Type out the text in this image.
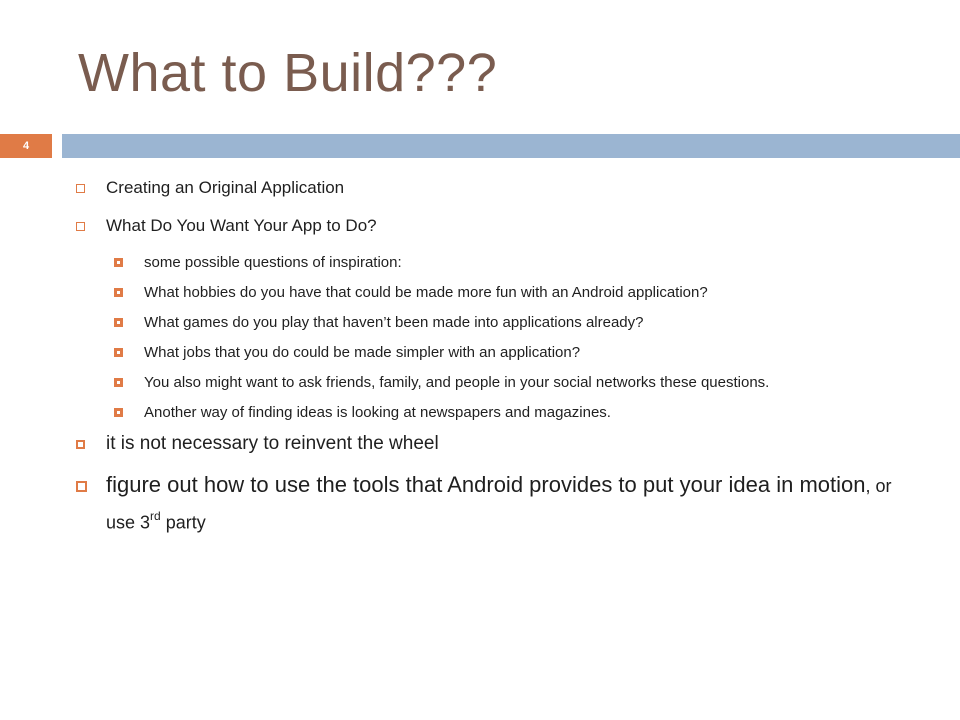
What to Build???
4
Creating an Original Application
What Do You Want Your App to Do?
some possible questions of inspiration:
What hobbies do you have that could be made more fun with an Android application?
What games do you play that haven’t been made into applications already?
What jobs that you do could be made simpler with an application?
You also might want to ask friends, family, and people in your social networks these questions.
Another way of finding ideas is looking at newspapers and magazines.
it is not necessary to reinvent the wheel
figure out how to use the tools that Android provides to put your idea in motion, or use 3rd party
